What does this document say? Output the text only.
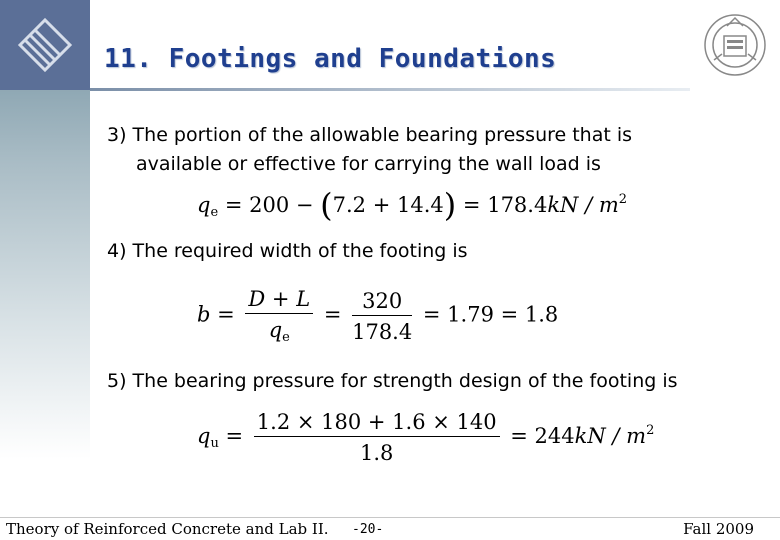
11. Footings and Foundations
3) The portion of the allowable bearing pressure that is
available or effective for carrying the wall load is
$q_e = 200 - (7.2 + 14.4) = 178.4kN / m^2$
4) The required width of the footing is
$b = \frac{D + L}{q_e} = \frac{320}{178.4} = 1.79 = 1.8$
5) The bearing pressure for strength design of the footing is
$q_u = \frac{1.2 \times 180 + 1.6 \times 140}{1.8} = 244kN / m^2$
Theory of Reinforced Concrete and Lab II. -20-	Fall 2009
